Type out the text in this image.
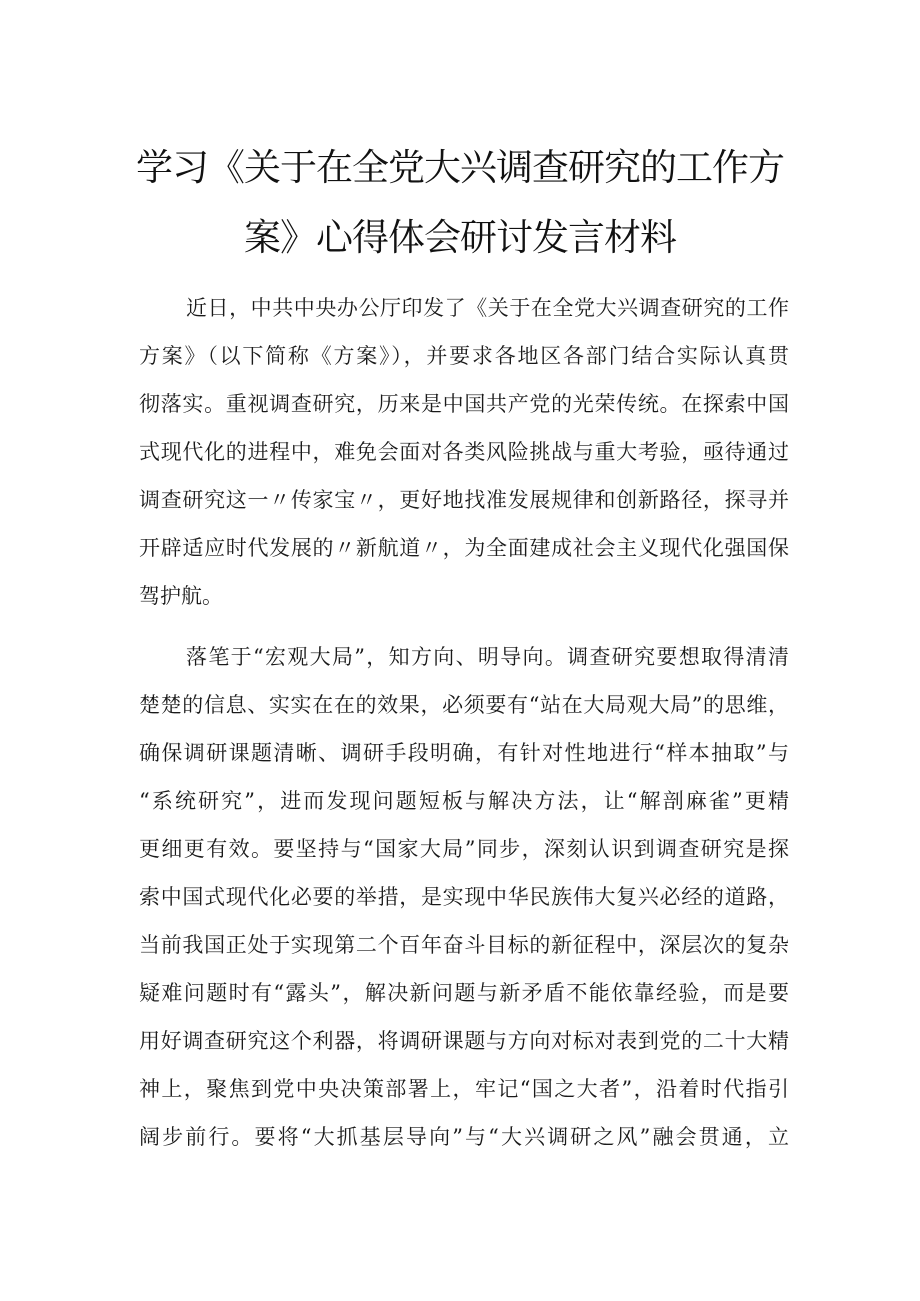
学习《关于在全党大兴调查研究的工作方
案》心得体会研讨发言材料
近日，中共中央办公厅印发了《关于在全党大兴调查研究的工作
方案》（以下简称《方案》），并要求各地区各部门结合实际认真贯
彻落实。重视调查研究，历来是中国共产党的光荣传统。在探索中国
式现代化的进程中，难免会面对各类风险挑战与重大考验，亟待通过
调查研究这一〃传家宝〃，更好地找准发展规律和创新路径，探寻并
开辟适应时代发展的〃新航道〃，为全面建成社会主义现代化强国保
驾护航。
落笔于“宏观大局”，知方向、明导向。调查研究要想取得清清
楚楚的信息、实实在在的效果，必须要有“站在大局观大局”的思维，
确保调研课题清晰、调研手段明确，有针对性地进行“样本抽取”与
“系统研究”，进而发现问题短板与解决方法，让“解剖麻雀”更精
更细更有效。要坚持与“国家大局”同步，深刻认识到调查研究是探
索中国式现代化必要的举措，是实现中华民族伟大复兴必经的道路，
当前我国正处于实现第二个百年奋斗目标的新征程中，深层次的复杂
疑难问题时有“露头”，解决新问题与新矛盾不能依靠经验，而是要
用好调查研究这个利器，将调研课题与方向对标对表到党的二十大精
神上，聚焦到党中央决策部署上，牢记“国之大者”，沿着时代指引
阔步前行。要将“大抓基层导向”与“大兴调研之风”融会贯通，立
